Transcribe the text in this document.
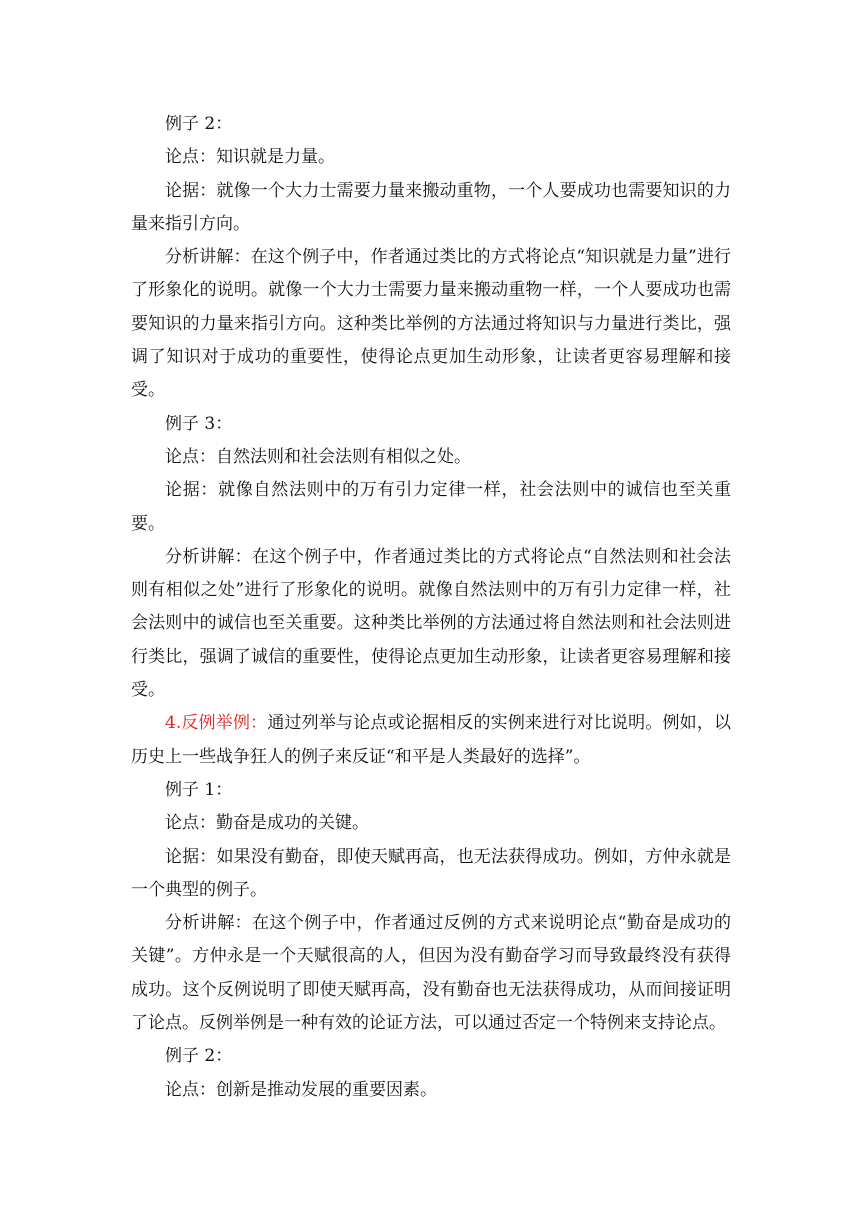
例子 2：

论点：知识就是力量。

论据：就像一个大力士需要力量来搬动重物，一个人要成功也需要知识的力量来指引方向。

分析讲解：在这个例子中，作者通过类比的方式将论点“知识就是力量”进行了形象化的说明。就像一个大力士需要力量来搬动重物一样，一个人要成功也需要知识的力量来指引方向。这种类比举例的方法通过将知识与力量进行类比，强调了知识对于成功的重要性，使得论点更加生动形象，让读者更容易理解和接受。

例子 3：

论点：自然法则和社会法则有相似之处。

论据：就像自然法则中的万有引力定律一样，社会法则中的诚信也至关重要。

分析讲解：在这个例子中，作者通过类比的方式将论点“自然法则和社会法则有相似之处”进行了形象化的说明。就像自然法则中的万有引力定律一样，社会法则中的诚信也至关重要。这种类比举例的方法通过将自然法则和社会法则进行类比，强调了诚信的重要性，使得论点更加生动形象，让读者更容易理解和接受。

4.反例举例：通过列举与论点或论据相反的实例来进行对比说明。例如，以历史上一些战争狂人的例子来反证“和平是人类最好的选择”。

例子 1：

论点：勤奋是成功的关键。

论据：如果没有勤奋，即使天赋再高，也无法获得成功。例如，方仲永就是一个典型的例子。

分析讲解：在这个例子中，作者通过反例的方式来说明论点“勤奋是成功的关键”。方仲永是一个天赋很高的人，但因为没有勤奋学习而导致最终没有获得成功。这个反例说明了即使天赋再高，没有勤奋也无法获得成功，从而间接证明了论点。反例举例是一种有效的论证方法，可以通过否定一个特例来支持论点。

例子 2：

论点：创新是推动发展的重要因素。
